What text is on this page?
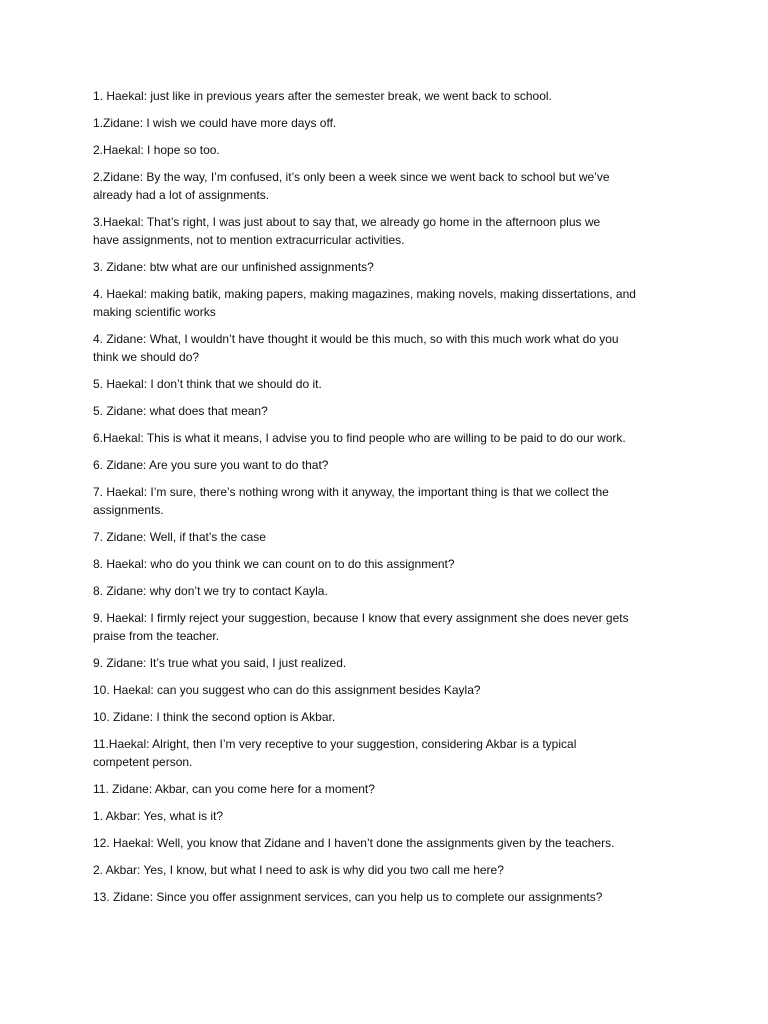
1. Haekal: just like in previous years after the semester break, we went back to school.
1.Zidane: I wish we could have more days off.
2.Haekal: I hope so too.
2.Zidane: By the way, I’m confused, it’s only been a week since we went back to school but we’ve
already had a lot of assignments.
3.Haekal: That’s right, I was just about to say that, we already go home in the afternoon plus we
have assignments, not to mention extracurricular activities.
3. Zidane: btw what are our unfinished assignments?
4. Haekal: making batik, making papers, making magazines, making novels, making dissertations, and
making scientific works
4. Zidane: What, I wouldn’t have thought it would be this much, so with this much work what do you
think we should do?
5. Haekal: I don’t think that we should do it.
5. Zidane: what does that mean?
6.Haekal: This is what it means, I advise you to find people who are willing to be paid to do our work.
6. Zidane: Are you sure you want to do that?
7. Haekal: I’m sure, there’s nothing wrong with it anyway, the important thing is that we collect the
assignments.
7. Zidane: Well, if that’s the case
8. Haekal: who do you think we can count on to do this assignment?
8. Zidane: why don’t we try to contact Kayla.
9. Haekal: I firmly reject your suggestion, because I know that every assignment she does never gets
praise from the teacher.
9. Zidane: It’s true what you said, I just realized.
10. Haekal: can you suggest who can do this assignment besides Kayla?
10. Zidane: I think the second option is Akbar.
11.Haekal: Alright, then I’m very receptive to your suggestion, considering Akbar is a typical
competent person.
11. Zidane: Akbar, can you come here for a moment?
1. Akbar: Yes, what is it?
12. Haekal: Well, you know that Zidane and I haven’t done the assignments given by the teachers.
2. Akbar: Yes, I know, but what I need to ask is why did you two call me here?
13. Zidane: Since you offer assignment services, can you help us to complete our assignments?
